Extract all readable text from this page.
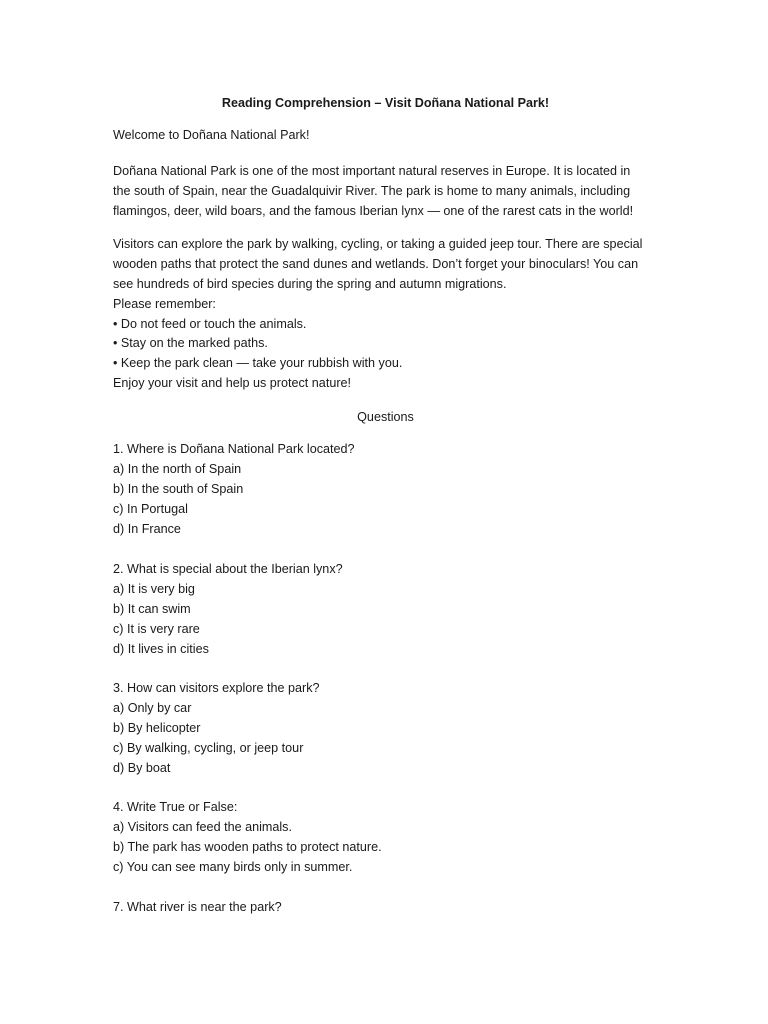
Reading Comprehension – Visit Doñana National Park!
Welcome to Doñana National Park!
Doñana National Park is one of the most important natural reserves in Europe. It is located in
the south of Spain, near the Guadalquivir River. The park is home to many animals, including
flamingos, deer, wild boars, and the famous Iberian lynx — one of the rarest cats in the world!
Visitors can explore the park by walking, cycling, or taking a guided jeep tour. There are special
wooden paths that protect the sand dunes and wetlands. Don’t forget your binoculars! You can
see hundreds of bird species during the spring and autumn migrations.
Please remember:
• Do not feed or touch the animals.
• Stay on the marked paths.
• Keep the park clean — take your rubbish with you.
Enjoy your visit and help us protect nature!
Questions
1. Where is Doñana National Park located?
a) In the north of Spain
b) In the south of Spain
c) In Portugal
d) In France
2. What is special about the Iberian lynx?
a) It is very big
b) It can swim
c) It is very rare
d) It lives in cities
3. How can visitors explore the park?
a) Only by car
b) By helicopter
c) By walking, cycling, or jeep tour
d) By boat
4. Write True or False:
a) Visitors can feed the animals.
b) The park has wooden paths to protect nature.
c) You can see many birds only in summer.
7. What river is near the park?
